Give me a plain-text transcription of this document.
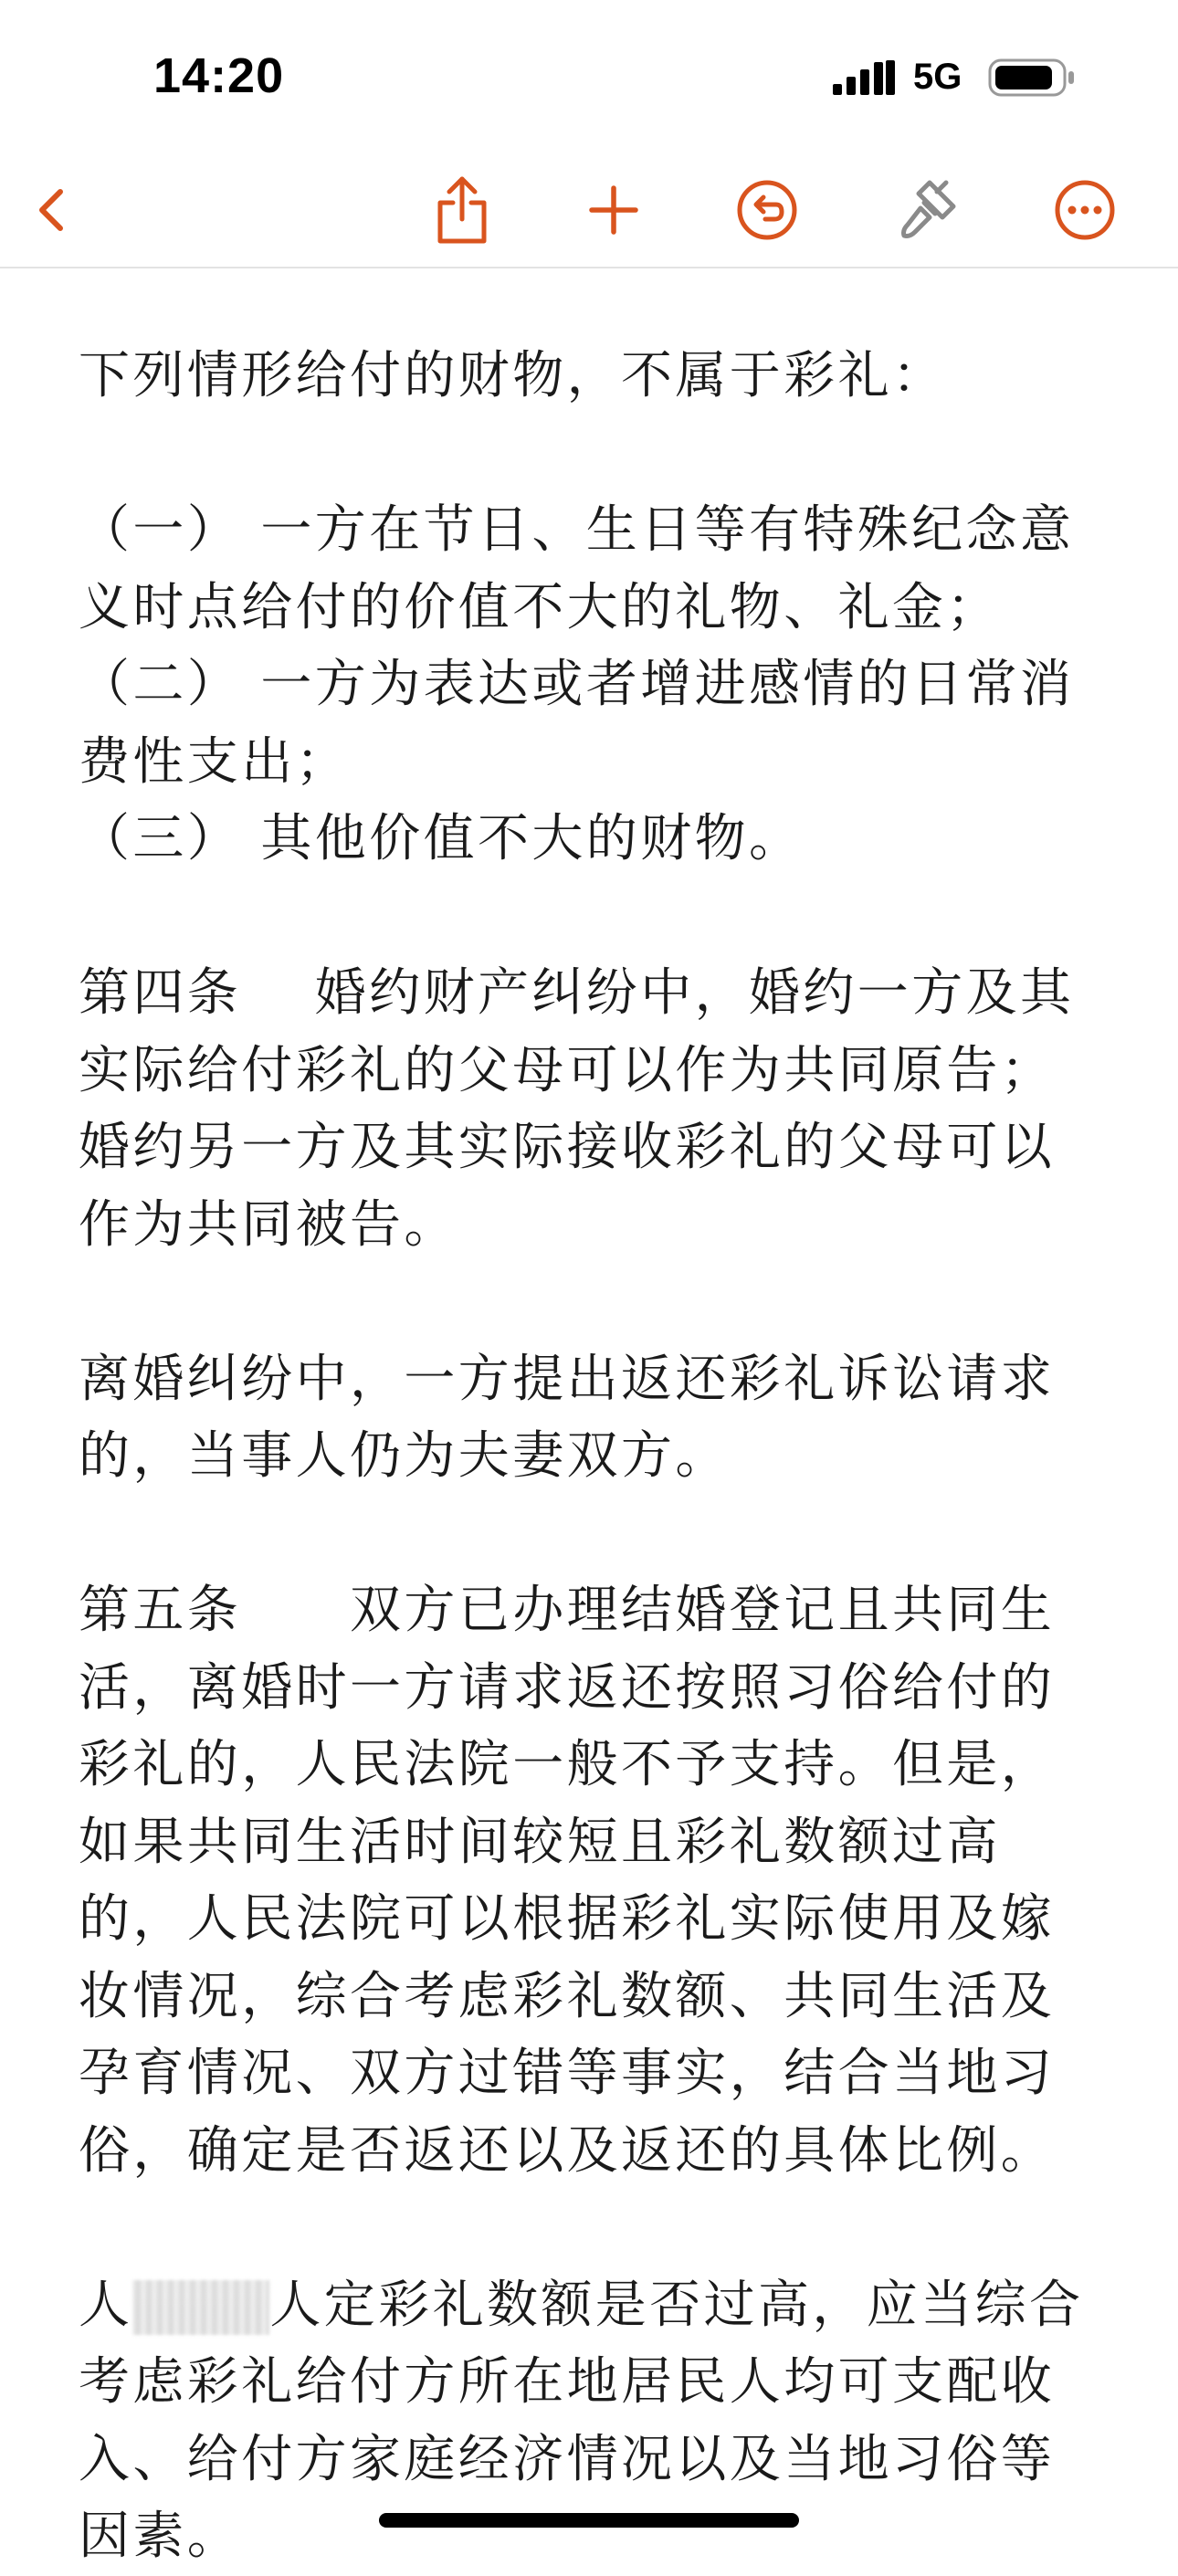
14:20	5G

下列情形给付的财物，不属于彩礼：

（一） 一方在节日、生日等有特殊纪念意义时点给付的价值不大的礼物、礼金；

（二） 一方为表达或者增进感情的日常消费性支出；

（三） 其他价值不大的财物。

第四条　 婚约财产纠纷中，婚约一方及其实际给付彩礼的父母可以作为共同原告；婚约另一方及其实际接收彩礼的父母可以作为共同被告。

离婚纠纷中，一方提出返还彩礼诉讼请求的，当事人仍为夫妻双方。

第五条　　双方已办理结婚登记且共同生活，离婚时一方请求返还按照习俗给付的彩礼的，人民法院一般不予支持。但是，如果共同生活时间较短且彩礼数额过高的，人民法院可以根据彩礼实际使用及嫁妆情况，综合考虑彩礼数额、共同生活及孕育情况、双方过错等事实，结合当地习俗，确定是否返还以及返还的具体比例。

人	人定彩礼数额是否过高，应当综合考虑彩礼给付方所在地居民人均可支配收入、给付方家庭经济情况以及当地习俗等因素。
